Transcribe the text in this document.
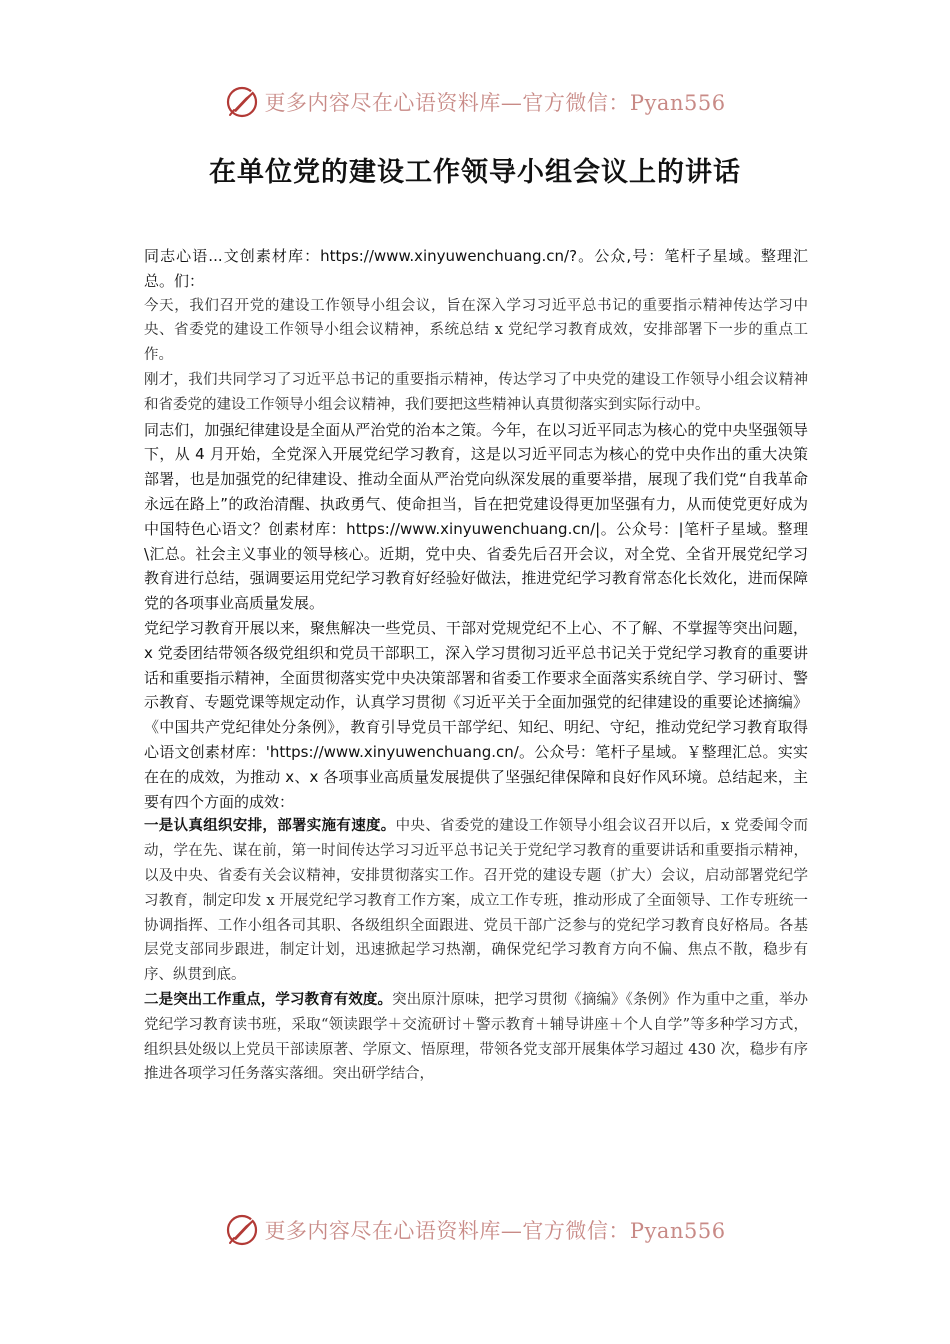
更多内容尽在心语资料库—官方微信：Pyan556
在单位党的建设工作领导小组会议上的讲话

同志心语...文创素材库：https://www.xinyuwenchuang.cn/?。公众,号：笔杆子星域。整理汇总。们：

今天，我们召开党的建设工作领导小组会议，旨在深入学习习近平总书记的重要指示精神传达学习中央、省委党的建设工作领导小组会议精神，系统总结 x 党纪学习教育成效，安排部署下一步的重点工作。

刚才，我们共同学习了习近平总书记的重要指示精神，传达学习了中央党的建设工作领导小组会议精神和省委党的建设工作领导小组会议精神，我们要把这些精神认真贯彻落实到实际行动中。

同志们，加强纪律建设是全面从严治党的治本之策。今年，在以习近平同志为核心的党中央坚强领导下，从 4 月开始，全党深入开展党纪学习教育，这是以习近平同志为核心的党中央作出的重大决策部署，也是加强党的纪律建设、推动全面从严治党向纵深发展的重要举措，展现了我们党“自我革命永远在路上”的政治清醒、执政勇气、使命担当，旨在把党建设得更加坚强有力，从而使党更好成为中国特色心语文？创素材库：https://www.xinyuwenchuang.cn/|。公众号：|笔杆子星域。整理\汇总。社会主义事业的领导核心。近期，党中央、省委先后召开会议，对全党、全省开展党纪学习教育进行总结，强调要运用党纪学习教育好经验好做法，推进党纪学习教育常态化长效化，进而保障党的各项事业高质量发展。

党纪学习教育开展以来，聚焦解决一些党员、干部对党规党纪不上心、不了解、不掌握等突出问题，x 党委团结带领各级党组织和党员干部职工，深入学习贯彻习近平总书记关于党纪学习教育的重要讲话和重要指示精神，全面贯彻落实党中央决策部署和省委工作要求全面落实系统自学、学习研讨、警示教育、专题党课等规定动作，认真学习贯彻《习近平关于全面加强党的纪律建设的重要论述摘编》《中国共产党纪律处分条例》，教育引导党员干部学纪、知纪、明纪、守纪，推动党纪学习教育取得心语文创素材库：'https://www.xinyuwenchuang.cn/。公众号：笔杆子星域。￥整理汇总。实实在在的成效，为推动 x、x 各项事业高质量发展提供了坚强纪律保障和良好作风环境。总结起来，主要有四个方面的成效：

一是认真组织安排，部署实施有速度。中央、省委党的建设工作领导小组会议召开以后，x 党委闻令而动，学在先、谋在前，第一时间传达学习习近平总书记关于党纪学习教育的重要讲话和重要指示精神，以及中央、省委有关会议精神，安排贯彻落实工作。召开党的建设专题（扩大）会议，启动部署党纪学习教育，制定印发 x 开展党纪学习教育工作方案，成立工作专班，推动形成了全面领导、工作专班统一协调指挥、工作小组各司其职、各级组织全面跟进、党员干部广泛参与的党纪学习教育良好格局。各基层党支部同步跟进，制定计划，迅速掀起学习热潮，确保党纪学习教育方向不偏、焦点不散，稳步有序、纵贯到底。

二是突出工作重点，学习教育有效度。突出原汁原味，把学习贯彻《摘编》《条例》作为重中之重，举办党纪学习教育读书班，采取“领读跟学＋交流研讨＋警示教育＋辅导讲座＋个人自学”等多种学习方式，组织县处级以上党员干部读原著、学原文、悟原理，带领各党支部开展集体学习超过 430 次，稳步有序推进各项学习任务落实落细。突出研学结合，

更多内容尽在心语资料库—官方微信：Pyan556
